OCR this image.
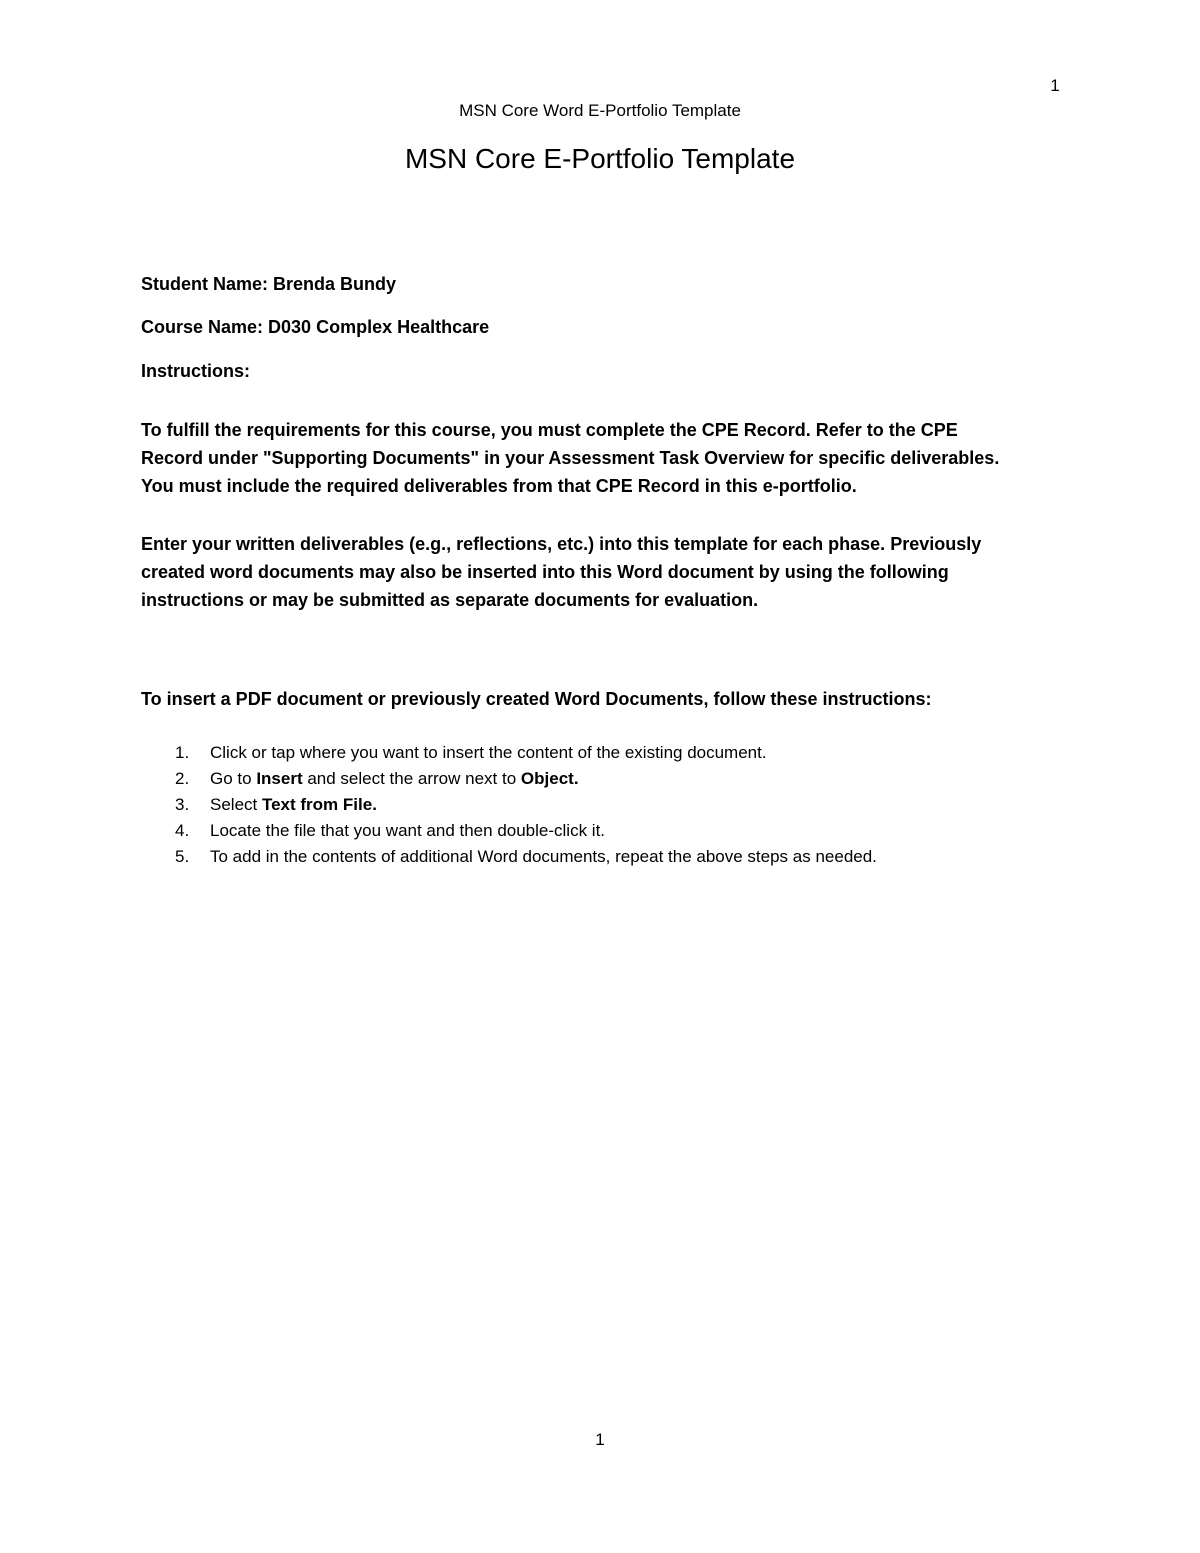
1
MSN Core Word E-Portfolio Template
MSN Core E-Portfolio Template
Student Name: Brenda Bundy
Course Name: D030 Complex Healthcare
Instructions:
To fulfill the requirements for this course, you must complete the CPE Record. Refer to the CPE
Record under "Supporting Documents" in your Assessment Task Overview for specific deliverables.
You must include the required deliverables from that CPE Record in this e-portfolio.
Enter your written deliverables (e.g., reflections, etc.) into this template for each phase. Previously
created word documents may also be inserted into this Word document by using the following
instructions or may be submitted as separate documents for evaluation.
To insert a PDF document or previously created Word Documents, follow these instructions:
1. Click or tap where you want to insert the content of the existing document.
2. Go to Insert and select the arrow next to Object.
3. Select Text from File.
4. Locate the file that you want and then double-click it.
5. To add in the contents of additional Word documents, repeat the above steps as needed.
1
